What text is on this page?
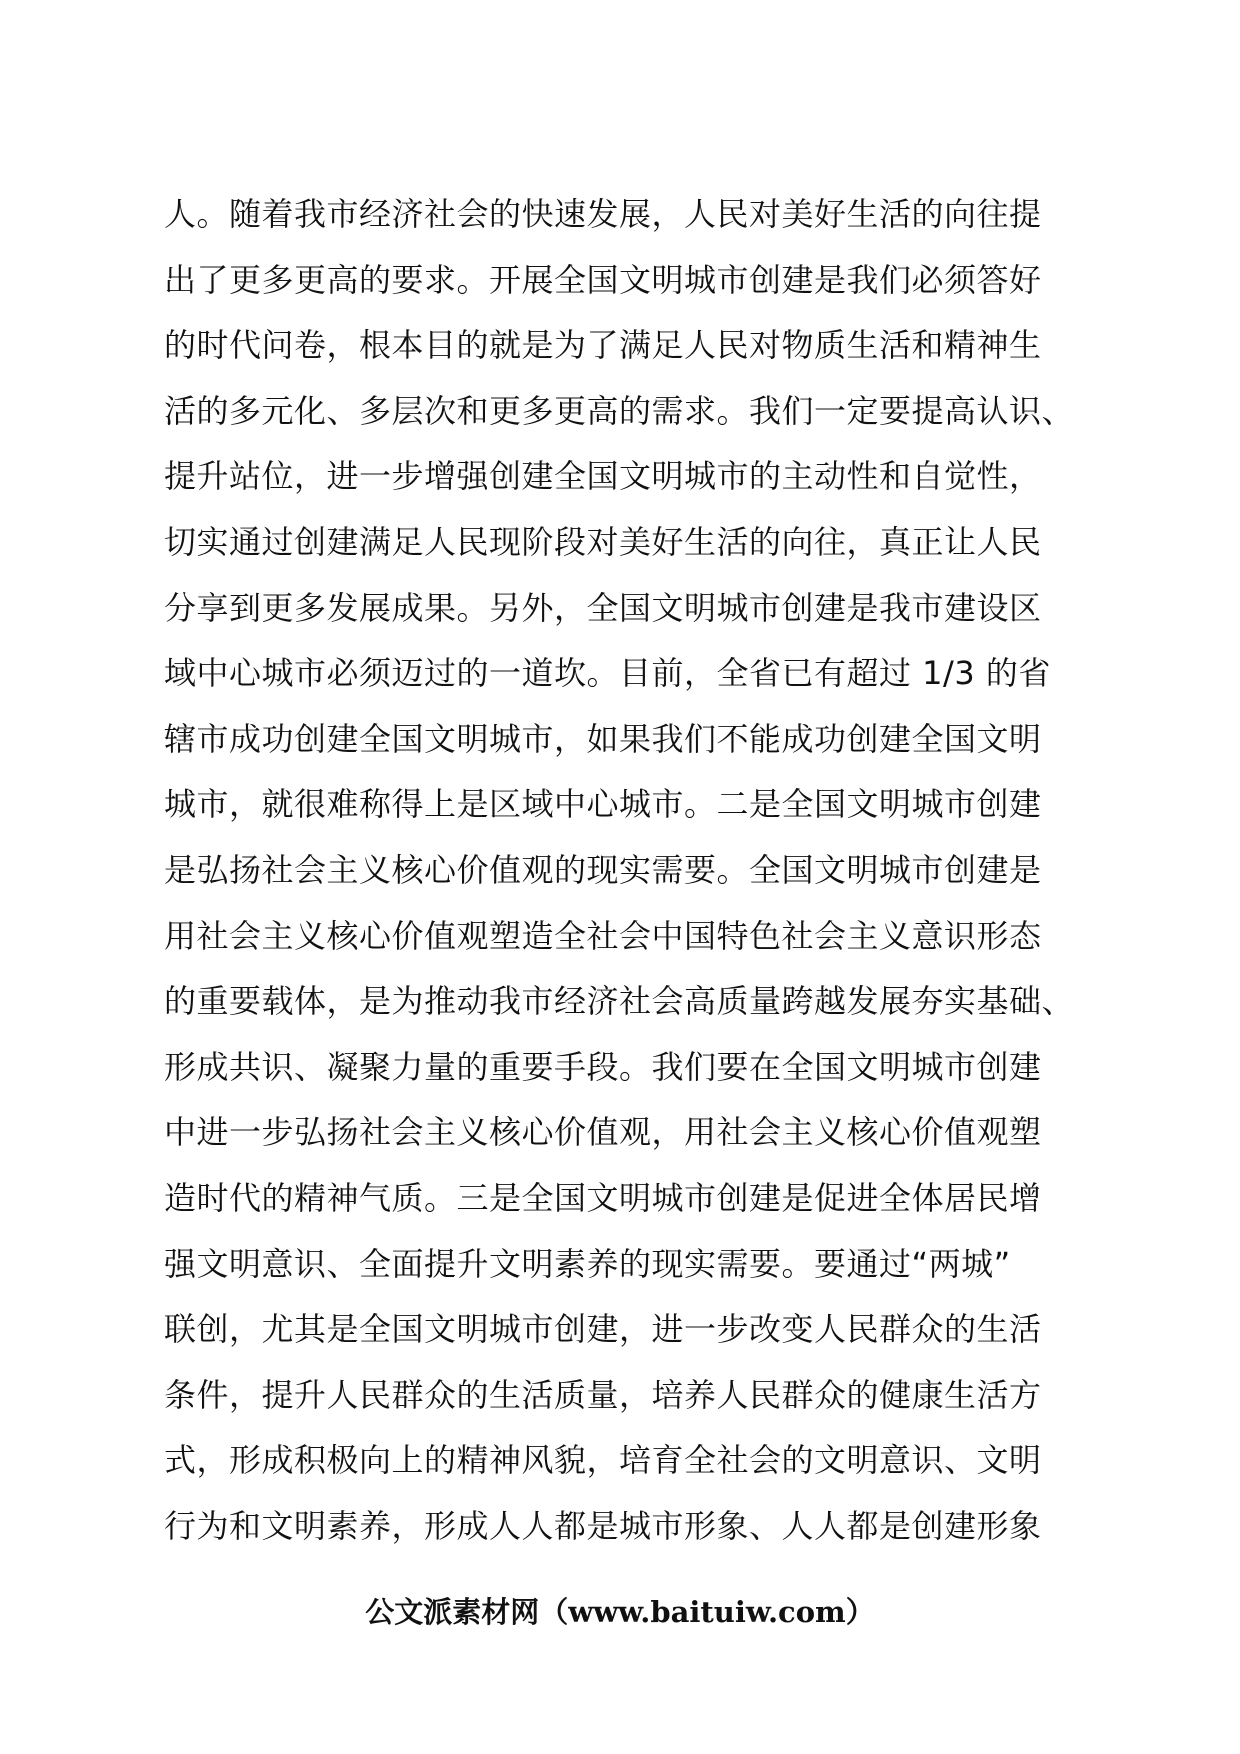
人。随着我市经济社会的快速发展，人民对美好生活的向往提
出了更多更高的要求。开展全国文明城市创建是我们必须答好
的时代问卷，根本目的就是为了满足人民对物质生活和精神生
活的多元化、多层次和更多更高的需求。我们一定要提高认识、
提升站位，进一步增强创建全国文明城市的主动性和自觉性，
切实通过创建满足人民现阶段对美好生活的向往，真正让人民
分享到更多发展成果。另外，全国文明城市创建是我市建设区
域中心城市必须迈过的一道坎。目前，全省已有超过 1/3 的省
辖市成功创建全国文明城市，如果我们不能成功创建全国文明
城市，就很难称得上是区域中心城市。二是全国文明城市创建
是弘扬社会主义核心价值观的现实需要。全国文明城市创建是
用社会主义核心价值观塑造全社会中国特色社会主义意识形态
的重要载体，是为推动我市经济社会高质量跨越发展夯实基础、
形成共识、凝聚力量的重要手段。我们要在全国文明城市创建
中进一步弘扬社会主义核心价值观，用社会主义核心价值观塑
造时代的精神气质。三是全国文明城市创建是促进全体居民增
强文明意识、全面提升文明素养的现实需要。要通过“两城”
联创，尤其是全国文明城市创建，进一步改变人民群众的生活
条件，提升人民群众的生活质量，培养人民群众的健康生活方
式，形成积极向上的精神风貌，培育全社会的文明意识、文明
行为和文明素养，形成人人都是城市形象、人人都是创建形象
公文派素材网（www.baituiw.com）
